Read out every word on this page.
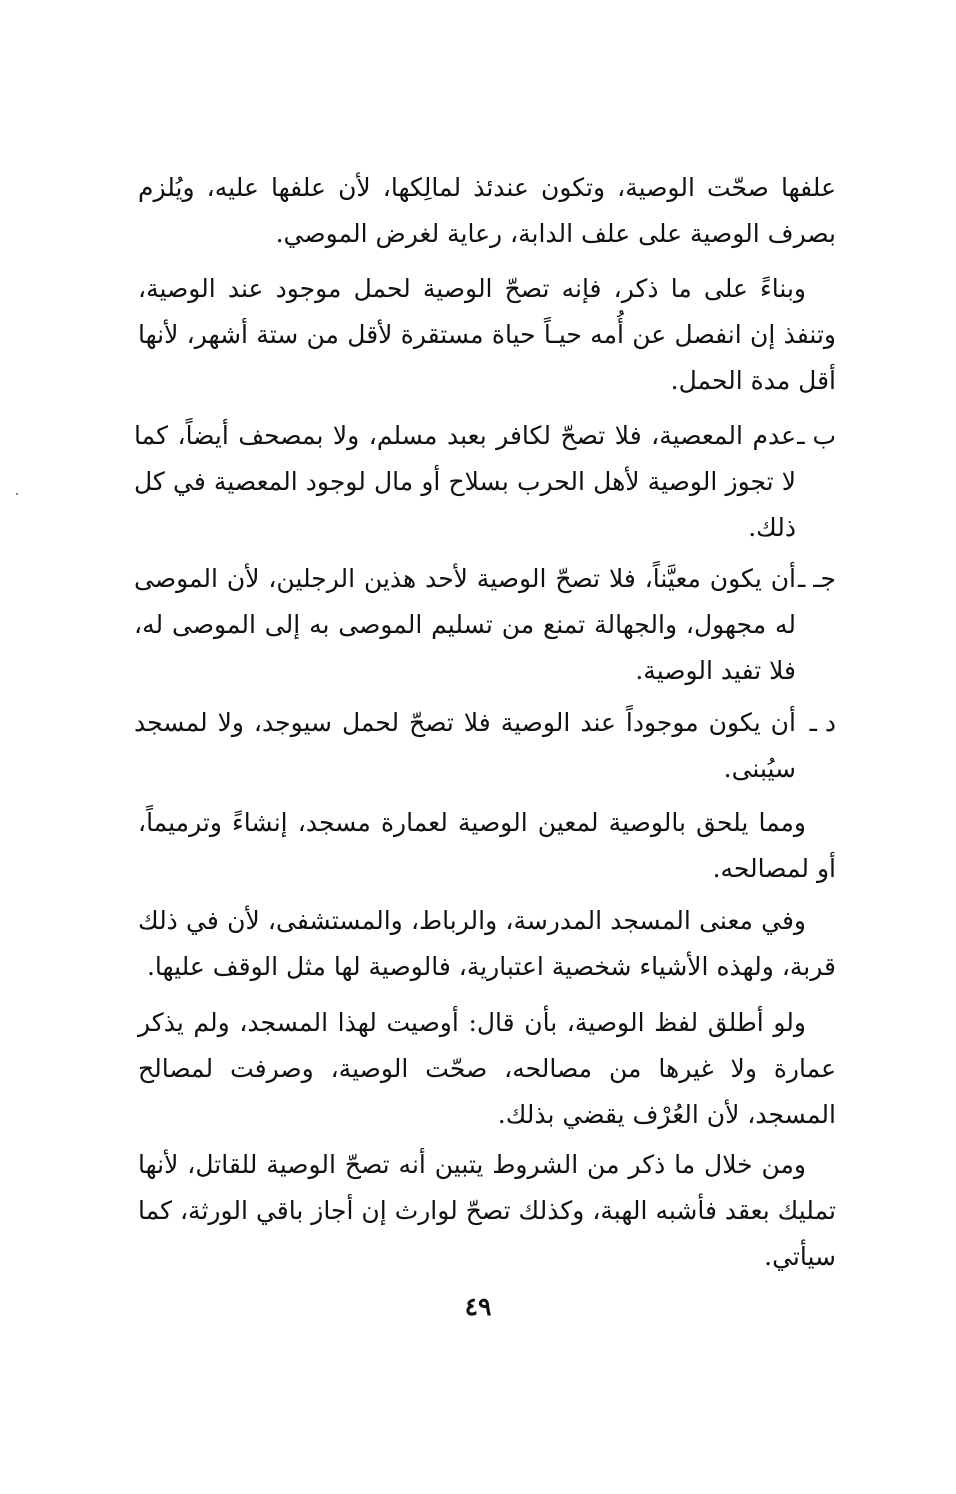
علفها صحّت الوصية، وتكون عندئذ لمالِكها، لأن علفها عليه، ويُلزم بصرف الوصية على علف الدابة، رعاية لغرض الموصي.
وبناءً على ما ذكر، فإنه تصحّ الوصية لحمل موجود عند الوصية، وتنفذ إن انفصل عن أُمه حيـاً حياة مستقرة لأقل من ستة أشهر، لأنها أقل مدة الحمل.
ب ـ
عدم المعصية، فلا تصحّ لكافر بعبد مسلم، ولا بمصحف أيضاً، كما لا تجوز الوصية لأهل الحرب بسلاح أو مال لوجود المعصية في كل ذلك.
جـ ـ
أن يكون معيَّناً، فلا تصحّ الوصية لأحد هذين الرجلين، لأن الموصى له مجهول، والجهالة تمنع من تسليم الموصى به إلى الموصى له، فلا تفيد الوصية.
د ـ
أن يكون موجوداً عند الوصية فلا تصحّ لحمل سيوجد، ولا لمسجد سيُبنى.
ومما يلحق بالوصية لمعين الوصية لعمارة مسجد، إنشاءً وترميماً، أو لمصالحه.
وفي معنى المسجد المدرسة، والرباط، والمستشفى، لأن في ذلك قربة، ولهذه الأشياء شخصية اعتبارية، فالوصية لها مثل الوقف عليها.
ولو أطلق لفظ الوصية، بأن قال: أوصيت لهذا المسجد، ولم يذكر عمارة ولا غيرها من مصالحه، صحّت الوصية، وصرفت لمصالح المسجد، لأن العُرْف يقضي بذلك.
ومن خلال ما ذكر من الشروط يتبين أنه تصحّ الوصية للقاتل، لأنها تمليك بعقد فأشبه الهبة، وكذلك تصحّ لوارث إن أجاز باقي الورثة، كما سيأتي.
٤٩
